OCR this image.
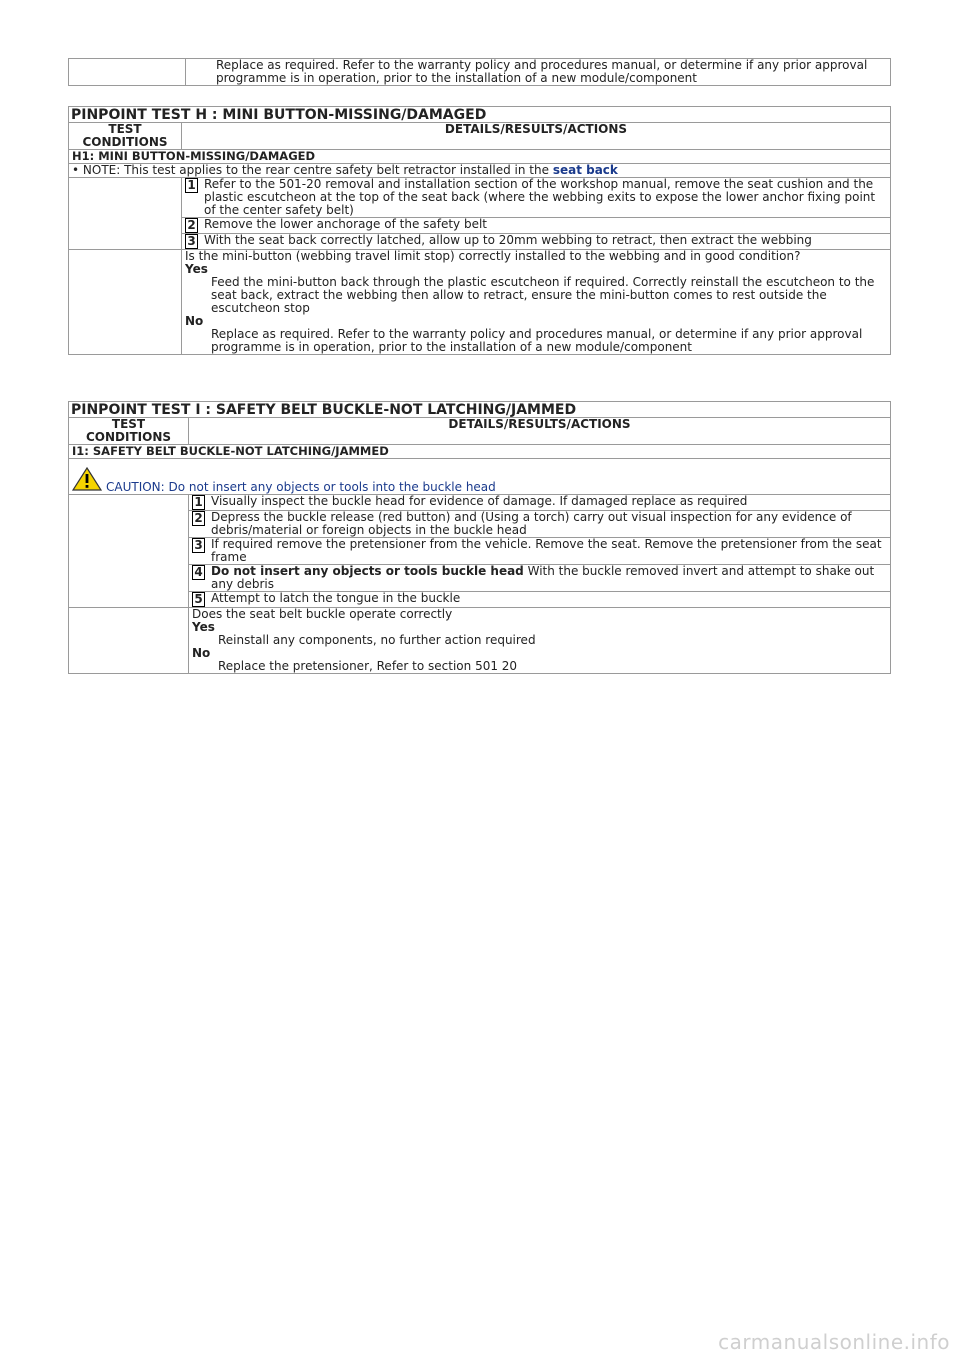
	Replace as required. Refer to the warranty policy and procedures manual, or determine if any prior approval programme is in operation, prior to the installation of a new module/component
PINPOINT TEST H : MINI BUTTON-MISSING/DAMAGED
TEST CONDITIONS	DETAILS/RESULTS/ACTIONS
H1: MINI BUTTON-MISSING/DAMAGED	
• NOTE: This test applies to the rear centre safety belt retractor installed in the seat back	

	1 Refer to the 501-20 removal and installation section of the workshop manual, remove the seat cushion and the plastic escutcheon at the top of the seat back (where the webbing exits to expose the lower anchor fixing point of the center safety belt)

	2 Remove the lower anchorage of the safety belt

	3 With the seat back correctly latched, allow up to 20mm webbing to retract, then extract the webbing

	Is the mini-button (webbing travel limit stop) correctly installed to the webbing and in good condition?
Yes
Feed the mini-button back through the plastic escutcheon if required. Correctly reinstall the escutcheon to the seat back, extract the webbing then allow to retract, ensure the mini-button comes to rest outside the escutcheon stop
No
Replace as required. Refer to the warranty policy and procedures manual, or determine if any prior approval programme is in operation, prior to the installation of a new module/component
PINPOINT TEST I : SAFETY BELT BUCKLE-NOT LATCHING/JAMMED
TEST CONDITIONS	DETAILS/RESULTS/ACTIONS
I1: SAFETY BELT BUCKLE-NOT LATCHING/JAMMED	
CAUTION: Do not insert any objects or tools into the buckle head	

	1 Visually inspect the buckle head for evidence of damage. If damaged replace as required

	2 Depress the buckle release (red button) and (Using a torch) carry out visual inspection for any evidence of debris/material or foreign objects in the buckle head

	3 If required remove the pretensioner from the vehicle. Remove the seat. Remove the pretensioner from the seat frame

	4 Do not insert any objects or tools buckle head With the buckle removed invert and attempt to shake out any debris

	5 Attempt to latch the tongue in the buckle

	Does the seat belt buckle operate correctly
Yes
Reinstall any components, no further action required
No
Replace the pretensioner, Refer to section 501 20
carmanualsonline.info
